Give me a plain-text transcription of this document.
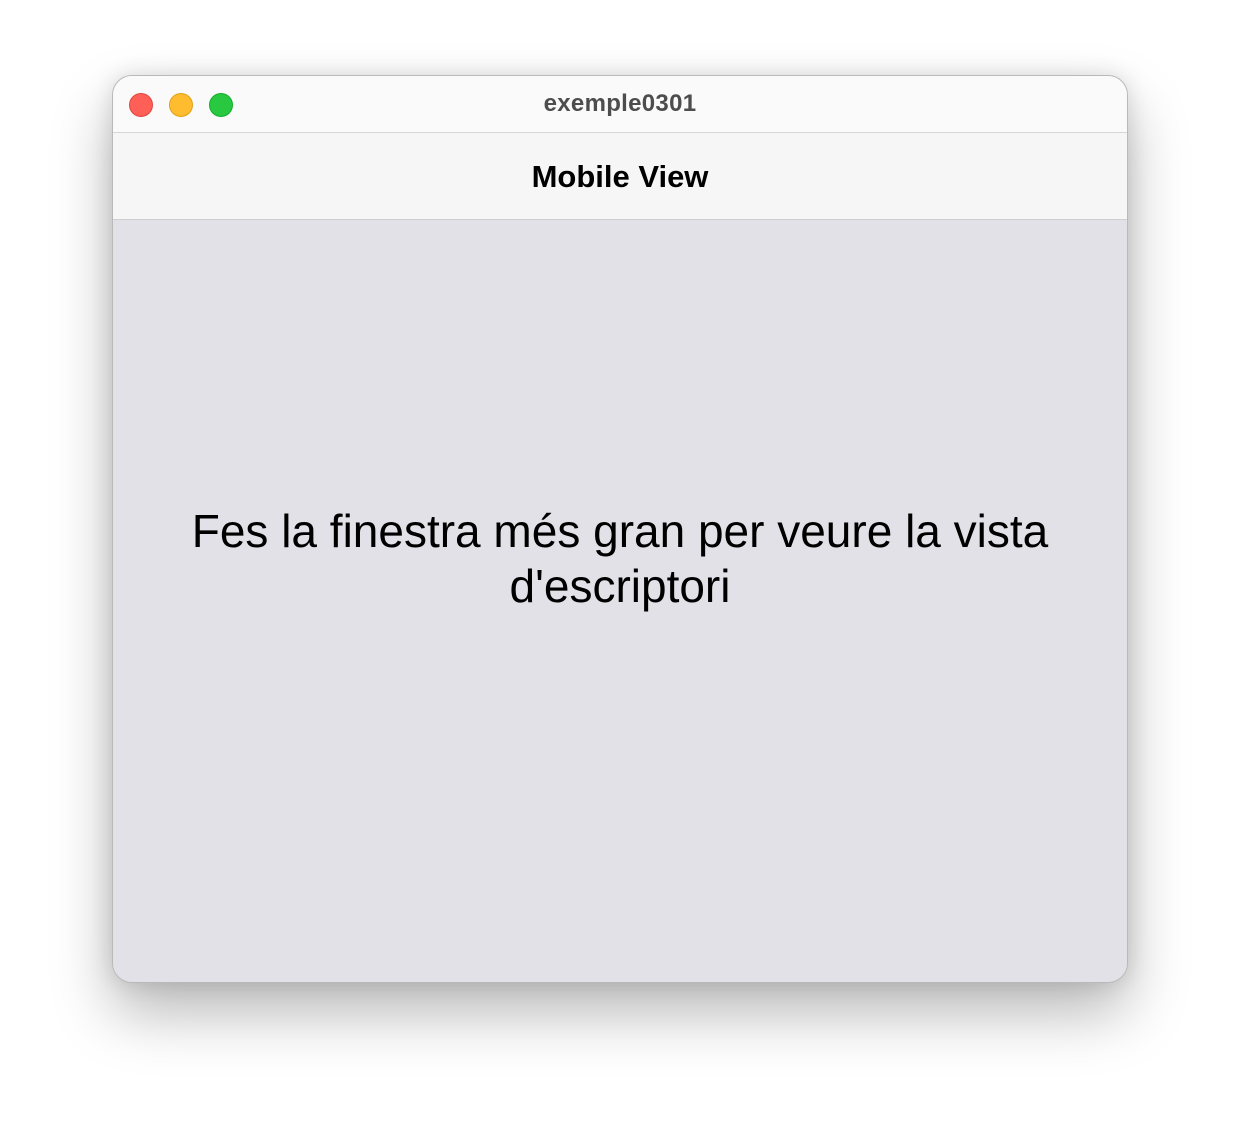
exemple0301
Mobile View
Fes la finestra més gran per veure la vista d'escriptori
